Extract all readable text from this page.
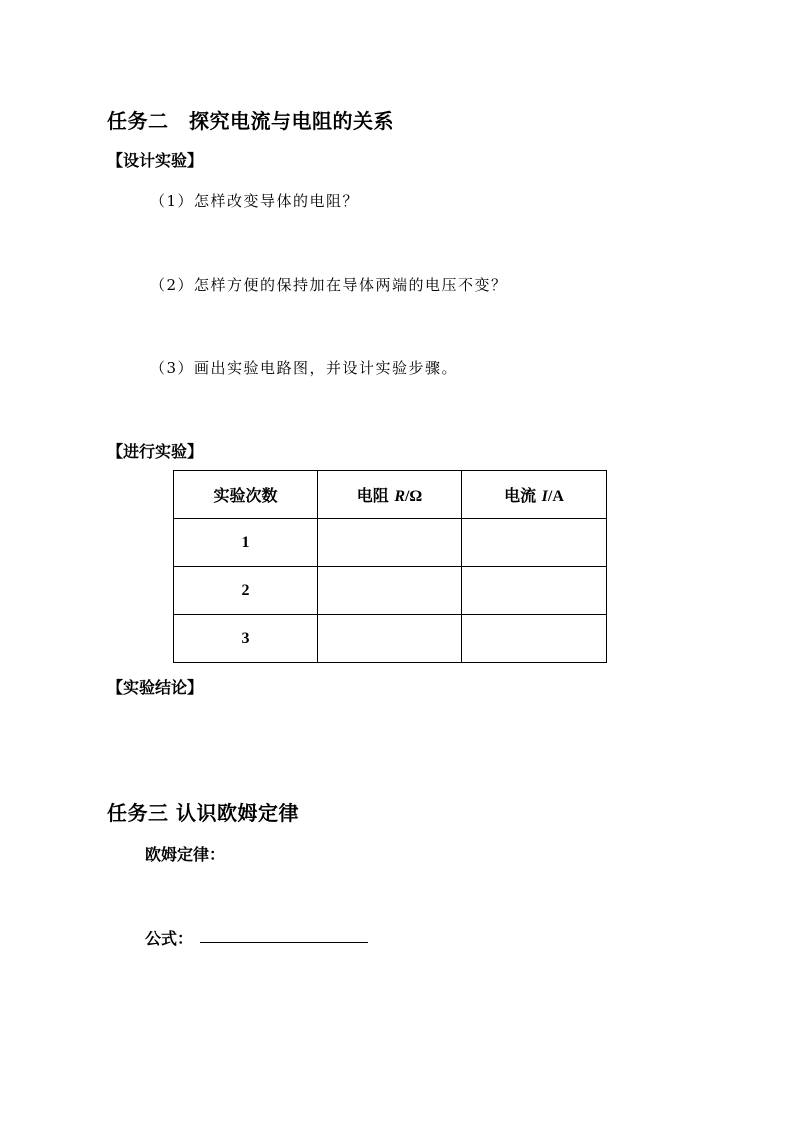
任务二　探究电流与电阻的关系
【设计实验】
（1）怎样改变导体的电阻？
（2）怎样方便的保持加在导体两端的电压不变？
（3）画出实验电路图，并设计实验步骤。
【进行实验】
实验次数	电阻 R/Ω	电流 I/A
1		
2		
3		
【实验结论】
任务三 认识欧姆定律
欧姆定律：
公式：
